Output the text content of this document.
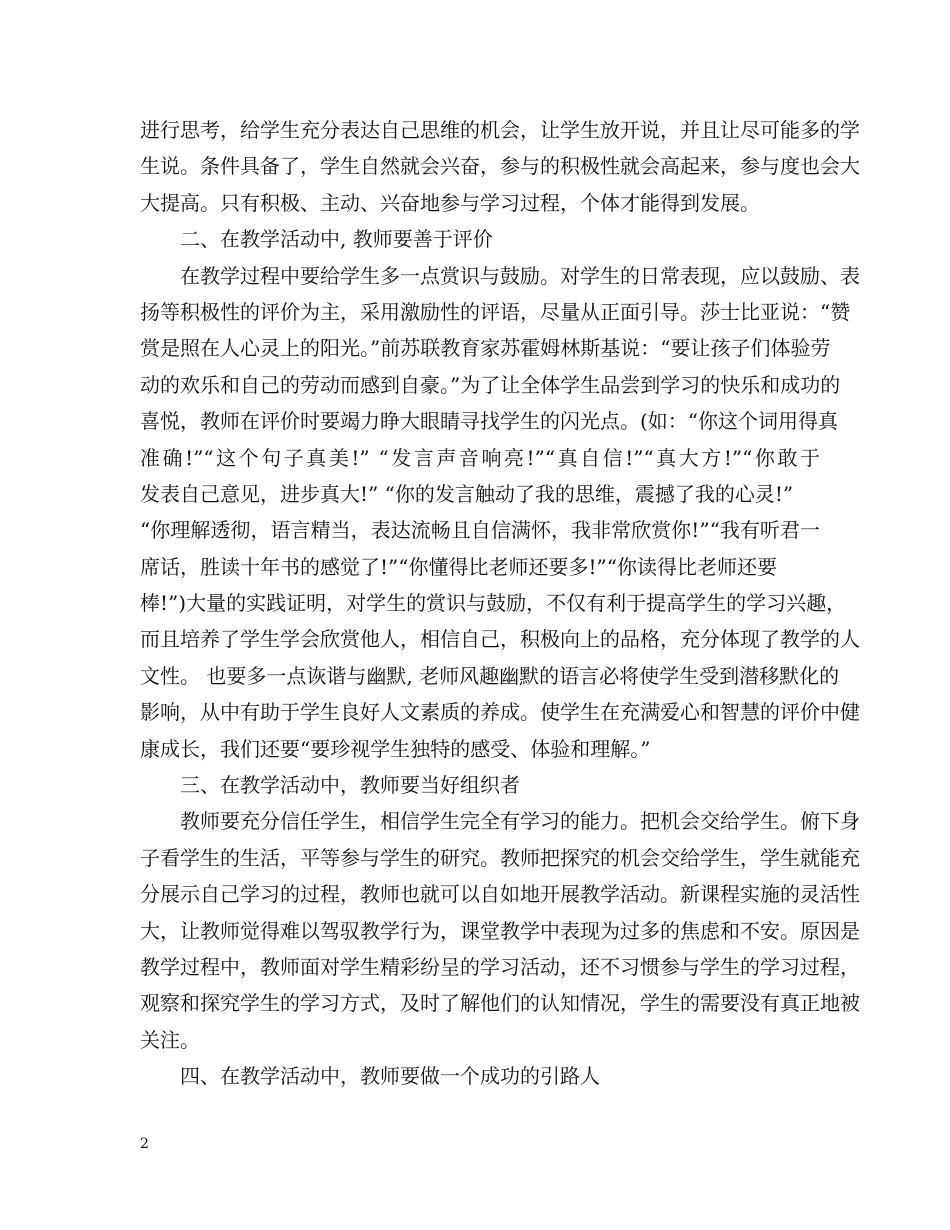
进行思考，给学生充分表达自己思维的机会，让学生放开说，并且让尽可能多的学
生说。条件具备了，学生自然就会兴奋，参与的积极性就会高起来，参与度也会大
大提高。只有积极、主动、兴奋地参与学习过程，个体才能得到发展。
二、在教学活动中, 教师要善于评价
在教学过程中要给学生多一点赏识与鼓励。对学生的日常表现，应以鼓励、表
扬等积极性的评价为主，采用激励性的评语，尽量从正面引导。莎士比亚说：“赞
赏是照在人心灵上的阳光。”前苏联教育家苏霍姆林斯基说：“要让孩子们体验劳
动的欢乐和自己的劳动而感到自豪。”为了让全体学生品尝到学习的快乐和成功的
喜悦，教师在评价时要竭力睁大眼睛寻找学生的闪光点。(如：“你这个词用得真
准确!”“这个句子真美!” “发言声音响亮!”“真自信!”“真大方!”“你敢于
发表自己意见，进步真大!” “你的发言触动了我的思维，震撼了我的心灵!”
“你理解透彻，语言精当，表达流畅且自信满怀，我非常欣赏你!”“我有听君一
席话，胜读十年书的感觉了!”“你懂得比老师还要多!”“你读得比老师还要
棒!”)大量的实践证明，对学生的赏识与鼓励，不仅有利于提高学生的学习兴趣，
而且培养了学生学会欣赏他人，相信自己，积极向上的品格，充分体现了教学的人
文性。 也要多一点诙谐与幽默, 老师风趣幽默的语言必将使学生受到潜移默化的
影响，从中有助于学生良好人文素质的养成。使学生在充满爱心和智慧的评价中健
康成长，我们还要“要珍视学生独特的感受、体验和理解。”
三、在教学活动中，教师要当好组织者
教师要充分信任学生，相信学生完全有学习的能力。把机会交给学生。俯下身
子看学生的生活，平等参与学生的研究。教师把探究的机会交给学生，学生就能充
分展示自己学习的过程，教师也就可以自如地开展教学活动。新课程实施的灵活性
大，让教师觉得难以驾驭教学行为，课堂教学中表现为过多的焦虑和不安。原因是
教学过程中，教师面对学生精彩纷呈的学习活动，还不习惯参与学生的学习过程，
观察和探究学生的学习方式，及时了解他们的认知情况，学生的需要没有真正地被
关注。
四、在教学活动中，教师要做一个成功的引路人
2
